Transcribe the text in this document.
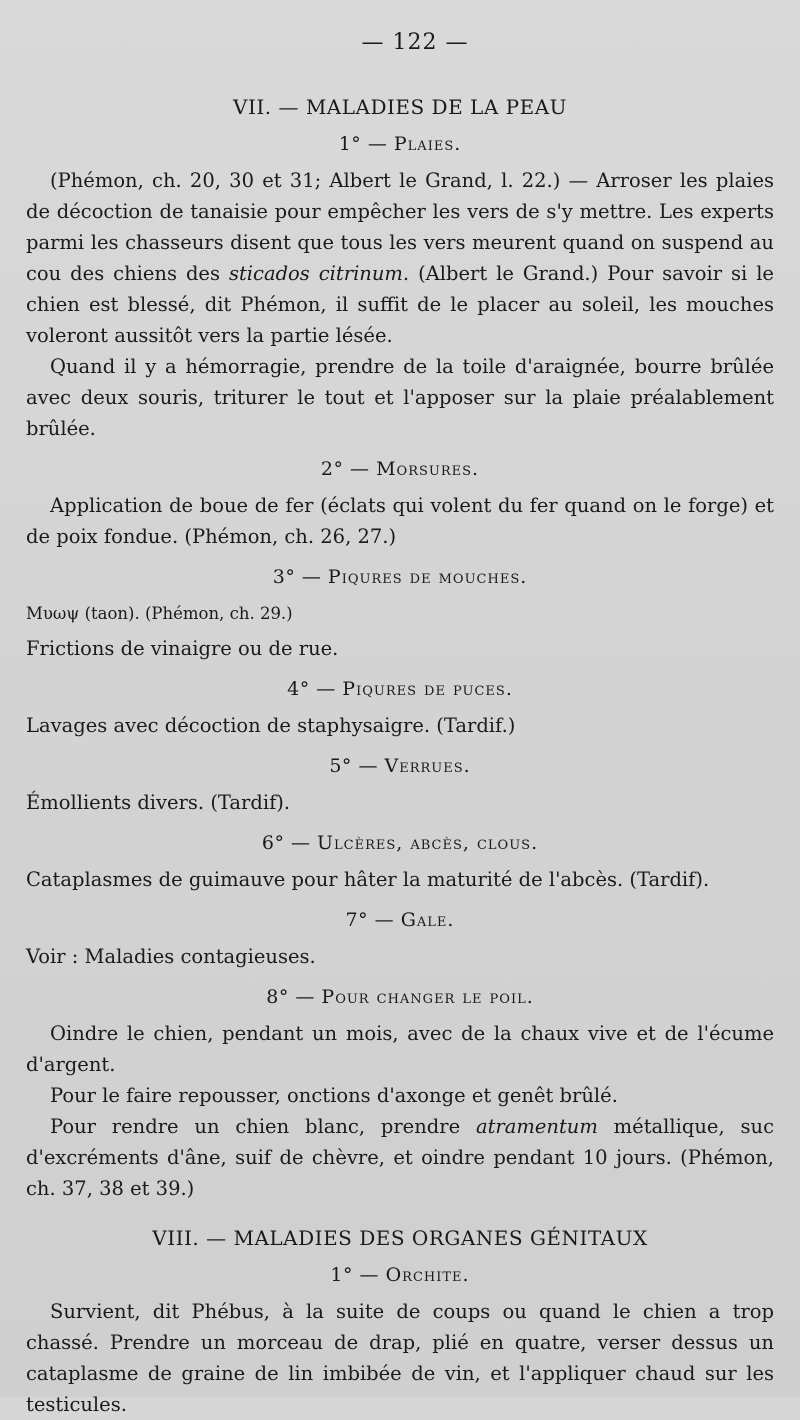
— 122 —
VII. — MALADIES DE LA PEAU
1° — Plaies.

(Phémon, ch. 20, 30 et 31; Albert le Grand, l. 22.) — Arroser les plaies de décoction de tanaisie pour empêcher les vers de s'y mettre. Les experts parmi les chasseurs disent que tous les vers meurent quand on suspend au cou des chiens des sticados citrinum. (Albert le Grand.) Pour savoir si le chien est blessé, dit Phémon, il suffit de le placer au soleil, les mouches voleront aussitôt vers la partie lésée.

Quand il y a hémorragie, prendre de la toile d'araignée, bourre brûlée avec deux souris, triturer le tout et l'apposer sur la plaie préalablement brûlée.

2° — Morsures.

Application de boue de fer (éclats qui volent du fer quand on le forge) et de poix fondue. (Phémon, ch. 26, 27.)

3° — Piqures de mouches.

Μυωψ (taon). (Phémon, ch. 29.)

Frictions de vinaigre ou de rue.

4° — Piqures de puces.

Lavages avec décoction de staphysaigre. (Tardif.)

5° — Verrues.

Émollients divers. (Tardif).

6° — Ulcères, abcès, clous.

Cataplasmes de guimauve pour hâter la maturité de l'abcès. (Tardif).

7° — Gale.

Voir : Maladies contagieuses.

8° — Pour changer le poil.

Oindre le chien, pendant un mois, avec de la chaux vive et de l'écume d'argent.

Pour le faire repousser, onctions d'axonge et genêt brûlé.

Pour rendre un chien blanc, prendre atramentum métallique, suc d'excréments d'âne, suif de chèvre, et oindre pendant 10 jours. (Phémon, ch. 37, 38 et 39.)

VIII. — MALADIES DES ORGANES GÉNITAUX
1° — Orchite.

Survient, dit Phébus, à la suite de coups ou quand le chien a trop chassé. Prendre un morceau de drap, plié en quatre, verser dessus un cataplasme de graine de lin imbibée de vin, et l'appliquer chaud sur les testicules.
